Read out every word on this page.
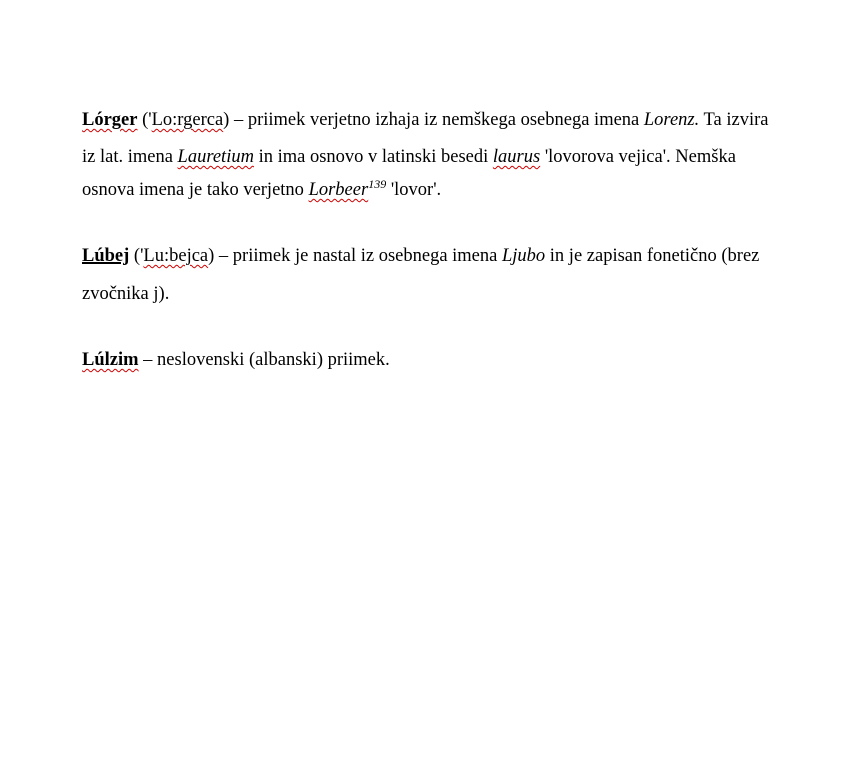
Lórger ('Lo:rgerca) – priimek verjetno izhaja iz nemškega osebnega imena Lorenz. Ta izvira
iz lat. imena Lauretium in ima osnovo v latinski besedi laurus 'lovorova vejica'. Nemška
osnova imena je tako verjetno Lorbeer$^{139}$ 'lovor'.
Lúbej ('Lu:bejca) – priimek je nastal iz osebnega imena Ljubo in je zapisan fonetično (brez
zvočnika j).
Lúlzim – neslovenski (albanski) priimek.
